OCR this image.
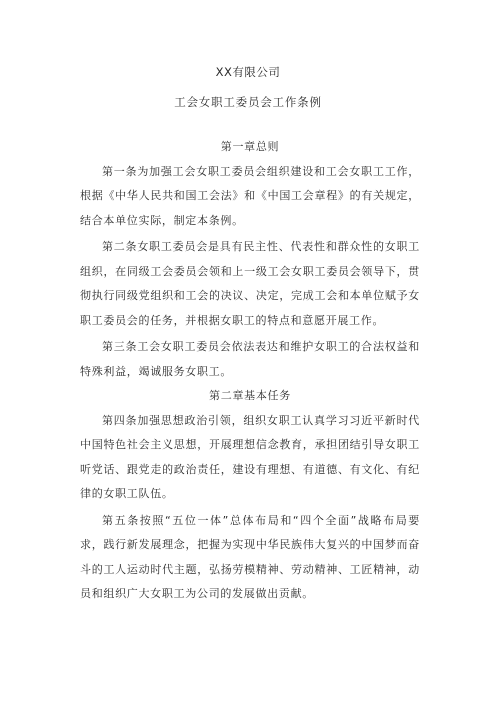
XX有限公司
工会女职工委员会工作条例

第一章总则

第一条为加强工会女职工委员会组织建设和工会女职工工作，根据《中华人民共和国工会法》和《中国工会章程》的有关规定，结合本单位实际，制定本条例。

第二条女职工委员会是具有民主性、代表性和群众性的女职工组织，在同级工会委员会领和上一级工会女职工委员会领导下，贯彻执行同级党组织和工会的决议、决定，完成工会和本单位赋予女职工委员会的任务，并根据女职工的特点和意愿开展工作。

第三条工会女职工委员会依法表达和维护女职工的合法权益和特殊利益，竭诚服务女职工。

第二章基本任务

第四条加强思想政治引领，组织女职工认真学习习近平新时代中国特色社会主义思想，开展理想信念教育，承担团结引导女职工听党话、跟党走的政治责任，建设有理想、有道德、有文化、有纪律的女职工队伍。

第五条按照“五位一体”总体布局和“四个全面”战略布局要求，践行新发展理念，把握为实现中华民族伟大复兴的中国梦而奋斗的工人运动时代主题，弘扬劳模精神、劳动精神、工匠精神，动员和组织广大女职工为公司的发展做出贡献。
